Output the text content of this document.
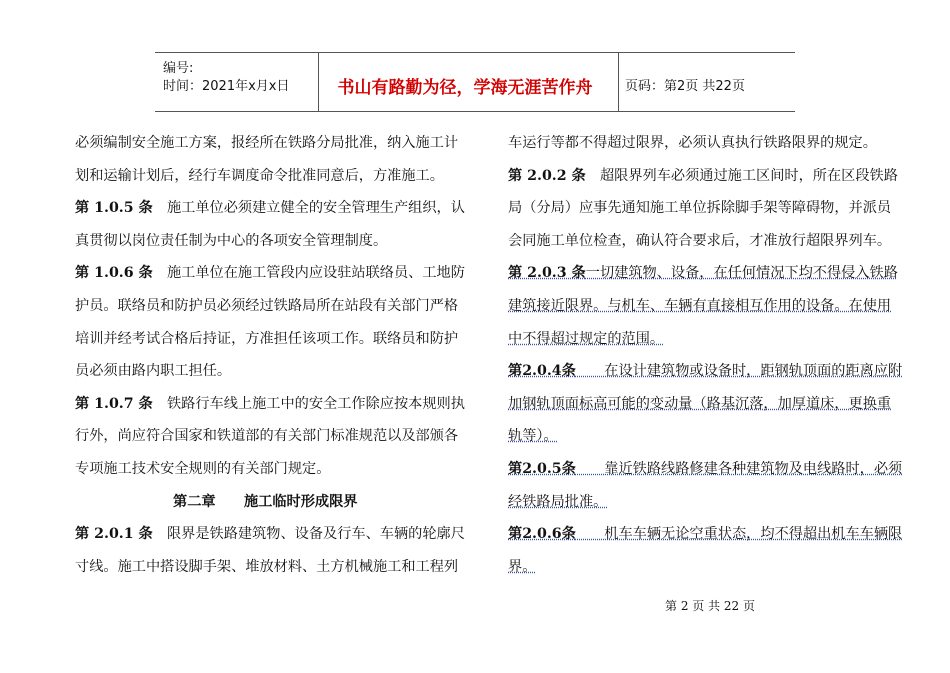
编号:
时间：2021年x月x日	书山有路勤为径，学海无涯苦作舟	页码：第2页 共22页
必须编制安全施工方案，报经所在铁路分局批准，纳入施工计
划和运输计划后，经行车调度命令批准同意后，方准施工。
第 1.0.5 条　施工单位必须建立健全的安全管理生产组织，认
真贯彻以岗位责任制为中心的各项安全管理制度。
第 1.0.6 条　施工单位在施工管段内应设驻站联络员、工地防
护员。联络员和防护员必须经过铁路局所在站段有关部门严格
培训并经考试合格后持证，方准担任该项工作。联络员和防护
员必须由路内职工担任。
第 1.0.7 条　铁路行车线上施工中的安全工作除应按本规则执
行外，尚应符合国家和铁道部的有关部门标准规范以及部颁各
专项施工技术安全规则的有关部门规定。
第二章　　施工临时形成限界
第 2.0.1 条　限界是铁路建筑物、设备及行车、车辆的轮廓尺
寸线。施工中搭设脚手架、堆放材料、土方机械施工和工程列
车运行等都不得超过限界，必须认真执行铁路限界的规定。
第 2.0.2 条　超限界列车必须通过施工区间时，所在区段铁路
局（分局）应事先通知施工单位拆除脚手架等障碍物，并派员
会同施工单位检查，确认符合要求后，才准放行超限界列车。
第 2.0.3 条一切建筑物、设备，在任何情况下均不得侵入铁路
建筑接近限界。与机车、车辆有直接相互作用的设备。在使用
中不得超过规定的范围。
第2.0.4条　　在设计建筑物或设备时，距钢轨顶面的距离应附
加钢轨顶面标高可能的变动量（路基沉落，加厚道床，更换重
轨等）。
第2.0.5条　　靠近铁路线路修建各种建筑物及电线路时，必须
经铁路局批准。
第2.0.6条　　机车车辆无论空重状态，均不得超出机车车辆限
界。
第 2 页 共 22 页
